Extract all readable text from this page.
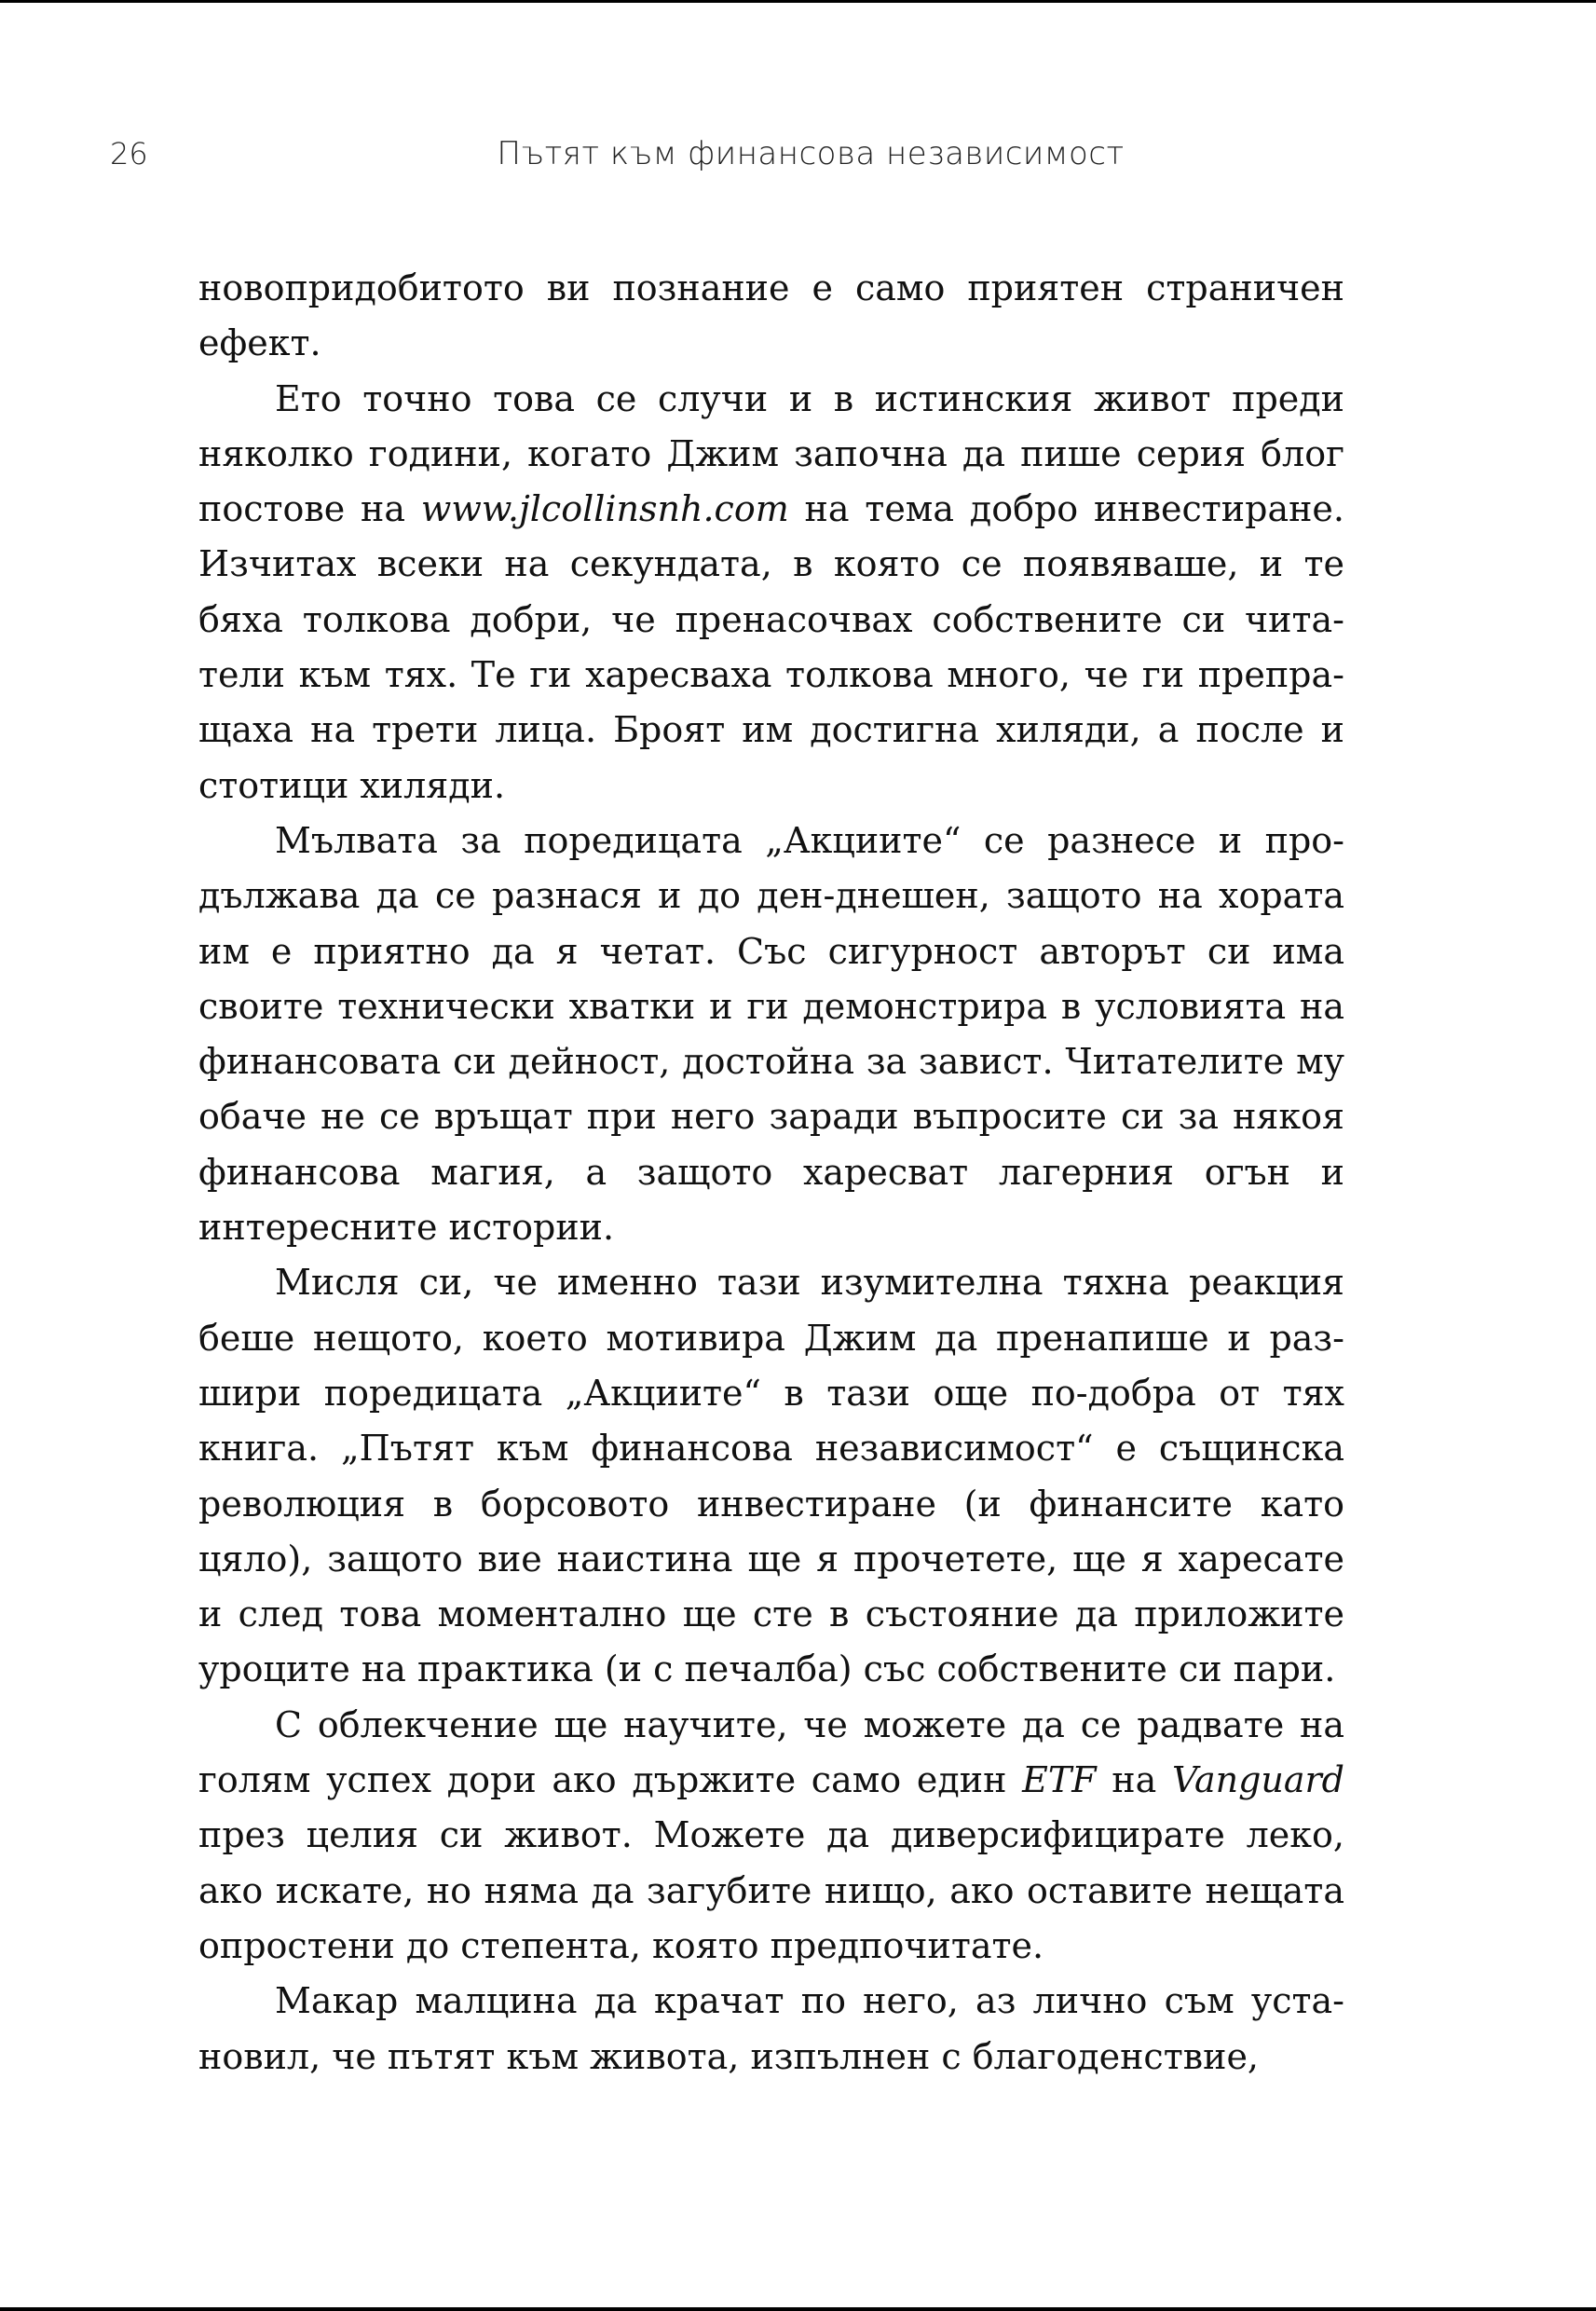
26	Пътят към финансова независимост

новопридобитото ви познание е само приятен страничен ефект.

Ето точно това се случи и в истинския живот преди няколко години, когато Джим започна да пише серия блог постове на www.jlcollinsnh.com на тема добро инвестиране. Изчитах всеки на секундата, в която се появяваше, и те бяха толкова добри, че пренасочвах собствените си читатели към тях. Те ги харесваха толкова много, че ги препращаха на трети лица. Броят им достигна хиляди, а после и стотици хиляди.

Мълвата за поредицата „Акциите“ се разнесе и продължава да се разнася и до ден-днешен, защото на хората им е приятно да я четат. Със сигурност авторът си има своите технически хватки и ги демонстрира в условията на финансовата си дейност, достойна за завист. Читателите му обаче не се връщат при него заради въпросите си за някоя финансова магия, а защото харесват лагерния огън и интересните истории.

Мисля си, че именно тази изумителна тяхна реакция беше нещото, което мотивира Джим да пренапише и разшири поредицата „Акциите“ в тази още по-добра от тях книга. „Пътят към финансова независимост“ е същинска революция в борсовото инвестиране (и финансите като цяло), защото вие наистина ще я прочетете, ще я харесате и след това моментално ще сте в състояние да приложите уроците на практика (и с печалба) със собствените си пари.

С облекчение ще научите, че можете да се радвате на голям успех дори ако държите само един ETF на Vanguard през целия си живот. Можете да диверсифицирате леко, ако искате, но няма да загубите нищо, ако оставите нещата опростени до степента, която предпочитате.

Макар малцина да крачат по него, аз лично съм установил, че пътят към живота, изпълнен с благоденствие,
